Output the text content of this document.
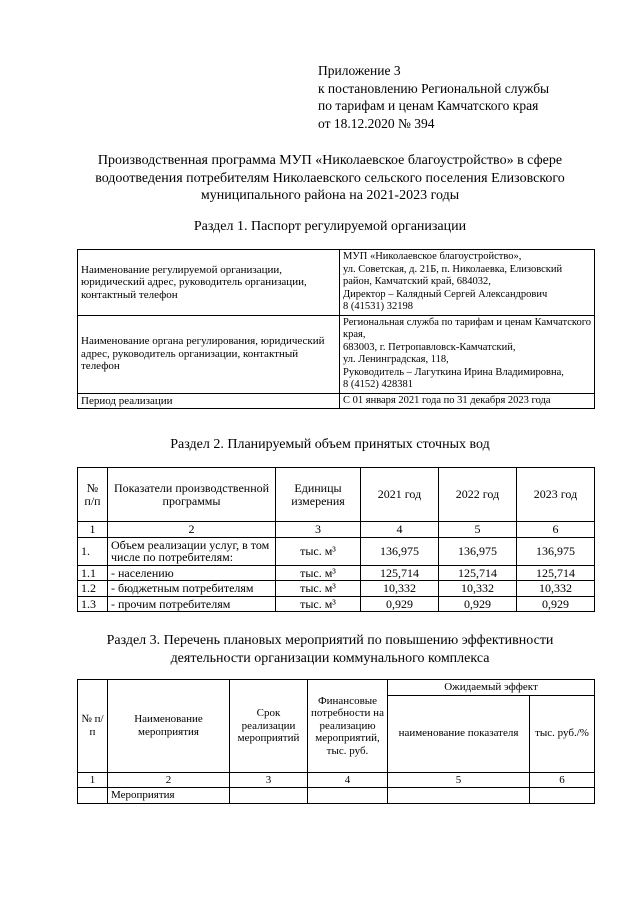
Приложение 3
к постановлению Региональной службы
по тарифам и ценам Камчатского края
от 18.12.2020 № 394
Производственная программа МУП «Николаевское благоустройство» в сфере водоотведения потребителям Николаевского сельского поселения Елизовского муниципального района на 2021-2023 годы
Раздел 1. Паспорт регулируемой организации
Наименование регулируемой организации, юридический адрес, руководитель организации, контактный телефон	МУП «Николаевское благоустройство»,
ул. Советская, д. 21Б, п. Николаевка, Елизовский район, Камчатский край, 684032,
Директор – Калядный Сергей Александрович
8 (41531) 32198

Наименование органа регулирования, юридический адрес, руководитель организации, контактный телефон	Региональная служба по тарифам и ценам Камчатского края,
683003, г. Петропавловск-Камчатский,
ул. Ленинградская, 118,
Руководитель – Лагуткина Ирина Владимировна,
8 (4152) 428381

Период реализации	С 01 января 2021 года по 31 декабря 2023 года
Раздел 2. Планируемый объем принятых сточных вод
№ п/п	Показатели производственной программы	Единицы измерения	2021 год	2022 год	2023 год
1	2	3	4	5	6
1.	Объем реализации услуг, в том числе по потребителям:	тыс. м³	136,975	136,975	136,975
1.1	- населению	тыс. м³	125,714	125,714	125,714
1.2	- бюджетным потребителям	тыс. м³	10,332	10,332	10,332
1.3	- прочим потребителям	тыс. м³	0,929	0,929	0,929
Раздел 3. Перечень плановых мероприятий по повышению эффективности
деятельности организации коммунального комплекса
№ п/п	Наименование мероприятия	Срок реализации мероприятий	Финансовые потребности на реализацию мероприятий, тыс. руб.	Ожидаемый эффект	
				наименование показателя	тыс. руб./%
1	2	3	4	5	6
	Мероприятия				
